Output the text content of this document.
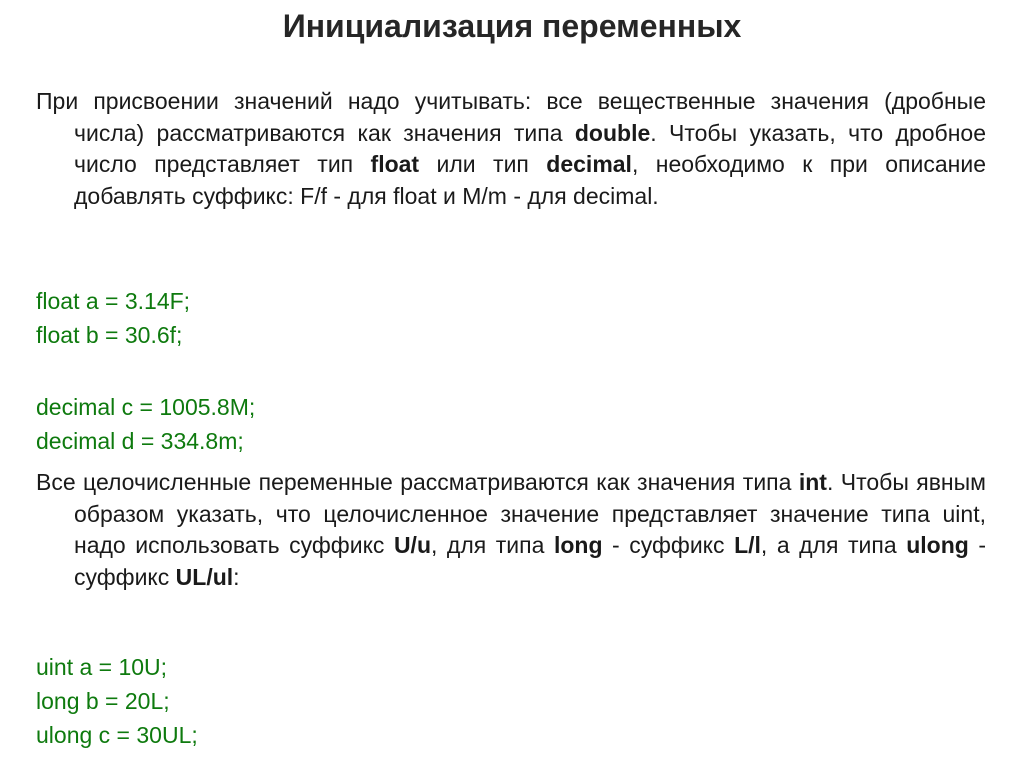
Инициализация переменных
При присвоении значений надо учитывать: все вещественные значения (дробные числа) рассматриваются как значения типа double. Чтобы указать, что дробное число представляет тип float или тип decimal, необходимо к при описание добавлять суффикс: F/f - для float и M/m - для decimal.
float a = 3.14F;
float b = 30.6f;
decimal c = 1005.8M;
decimal d = 334.8m;
Все целочисленные переменные рассматриваются как значения типа int. Чтобы явным образом указать, что целочисленное значение представляет значение типа uint, надо использовать суффикс U/u, для типа long - суффикс L/l, а для типа ulong - суффикс UL/ul:
uint a = 10U;
long b = 20L;
ulong c = 30UL;
